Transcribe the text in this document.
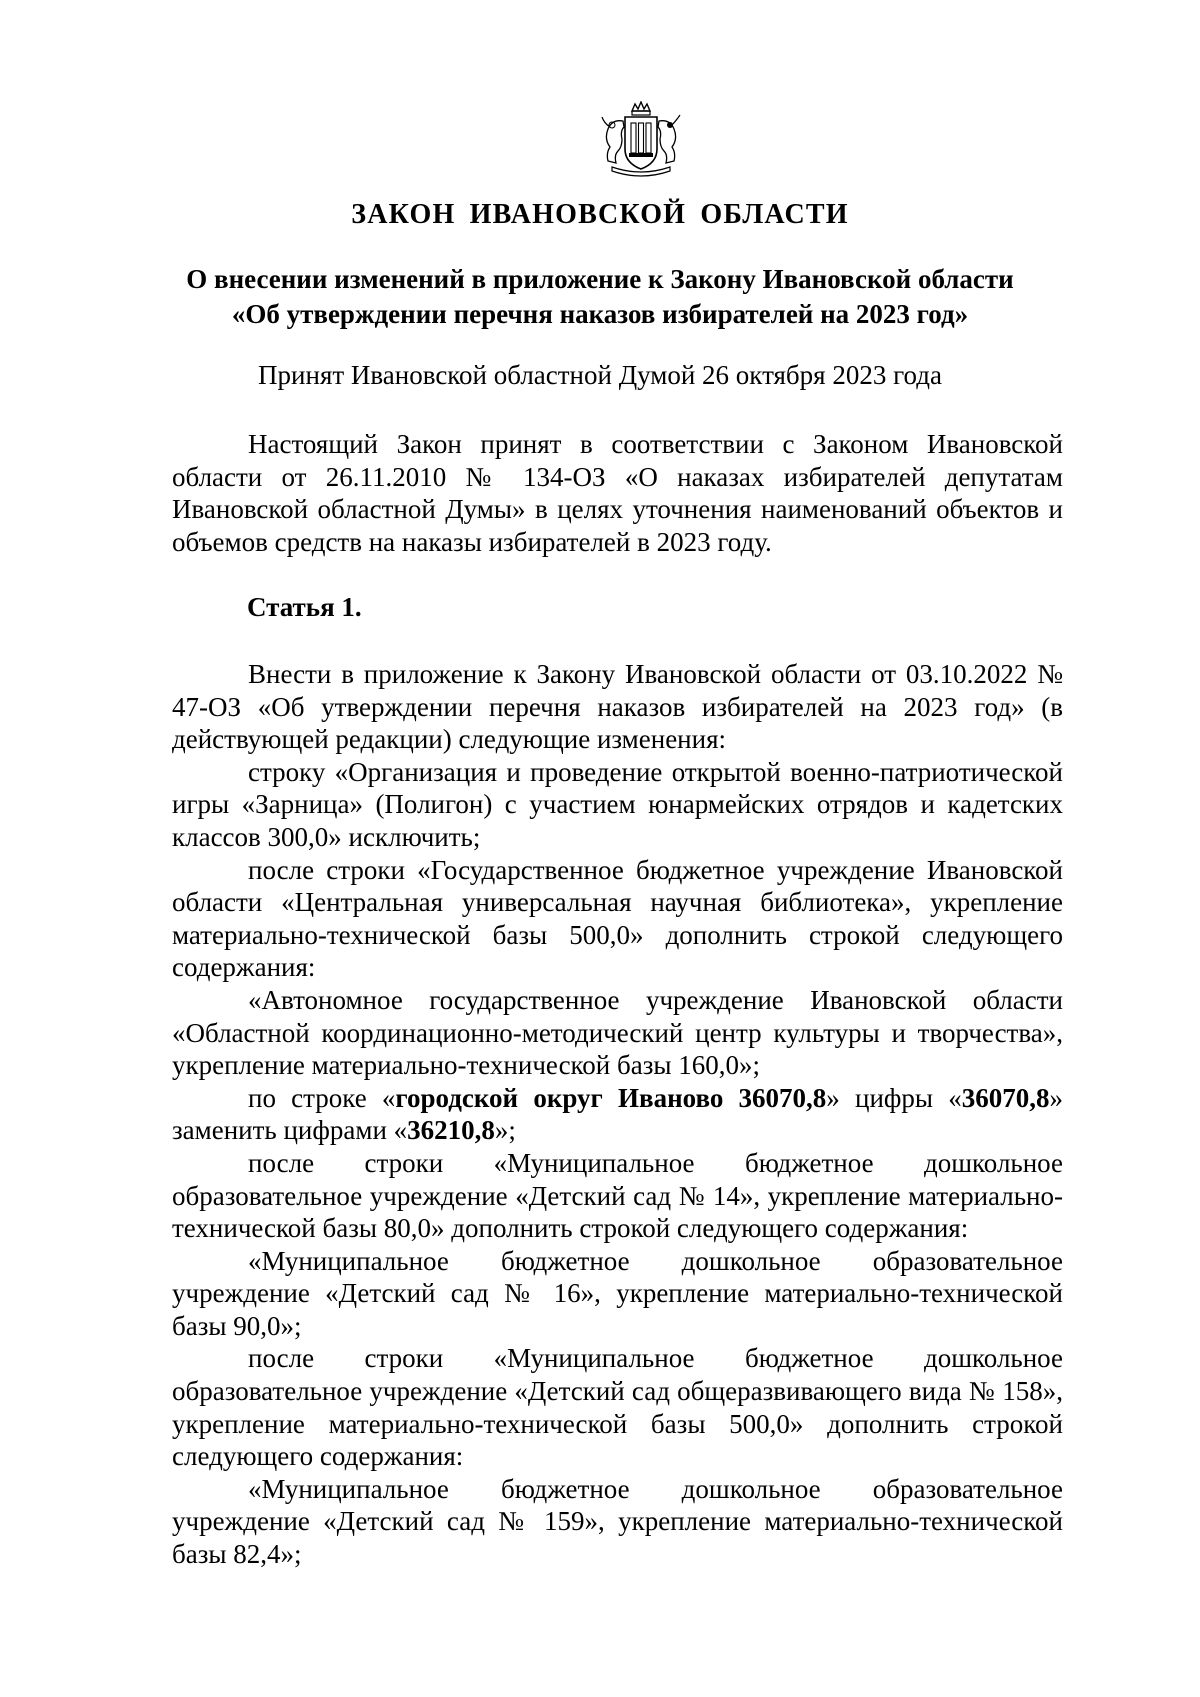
ЗАКОН ИВАНОВСКОЙ ОБЛАСТИ
О внесении изменений в приложение к Закону Ивановской области
«Об утверждении перечня наказов избирателей на 2023 год»

Принят Ивановской областной Думой 26 октября 2023 года

Настоящий Закон принят в соответствии с Законом Ивановской области от 26.11.2010 № 134-ОЗ «О наказах избирателей депутатам Ивановской областной Думы» в целях уточнения наименований объектов и объемов средств на наказы избирателей в 2023 году.

Статья 1.

Внести в приложение к Закону Ивановской области от 03.10.2022 № 47-ОЗ «Об утверждении перечня наказов избирателей на 2023 год» (в действующей редакции) следующие изменения:

строку «Организация и проведение открытой военно-патриотической игры «Зарница» (Полигон) с участием юнармейских отрядов и кадетских классов 300,0» исключить;

после строки «Государственное бюджетное учреждение Ивановской области «Центральная универсальная научная библиотека», укрепление материально-технической базы 500,0» дополнить строкой следующего содержания:

«Автономное государственное учреждение Ивановской области «Областной координационно-методический центр культуры и творчества», укрепление материально-технической базы 160,0»;

по строке «городской округ Иваново 36070,8» цифры «36070,8» заменить цифрами «36210,8»;

после строки «Муниципальное бюджетное дошкольное образовательное учреждение «Детский сад № 14», укрепление материально-технической базы 80,0» дополнить строкой следующего содержания:

«Муниципальное бюджетное дошкольное образовательное учреждение «Детский сад № 16», укрепление материально-технической базы 90,0»;

после строки «Муниципальное бюджетное дошкольное образовательное учреждение «Детский сад общеразвивающего вида № 158», укрепление материально-технической базы 500,0» дополнить строкой следующего содержания:

«Муниципальное бюджетное дошкольное образовательное учреждение «Детский сад № 159», укрепление материально-технической базы 82,4»;
